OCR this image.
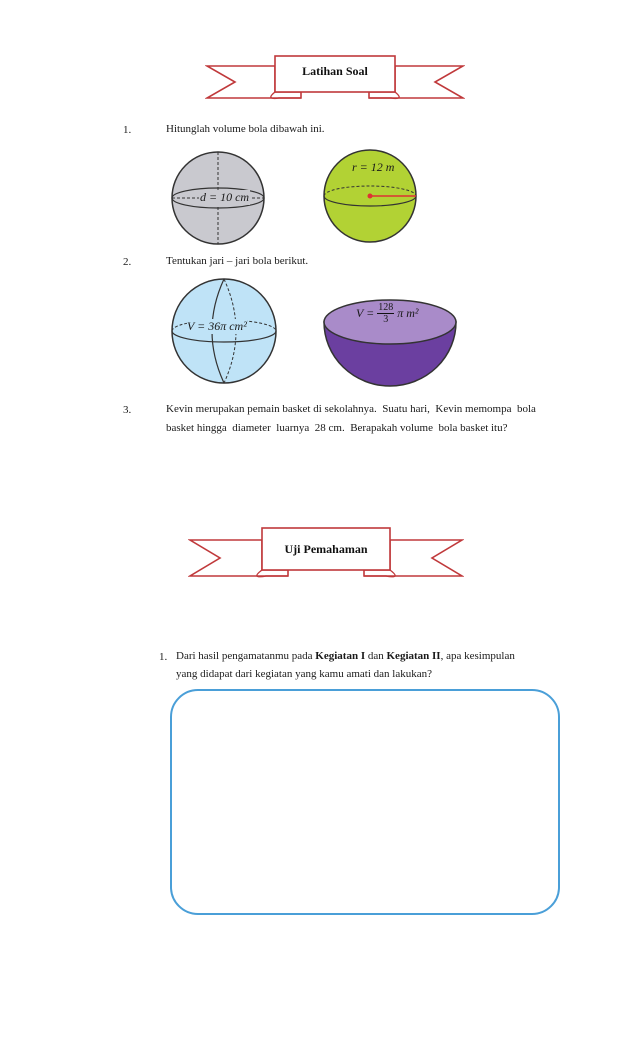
Latihan Soal
1.	Hitunglah volume bola dibawah ini.
d = 10 cm
r = 12 m
2.	Tentukan jari – jari bola berikut.
V = 36π cm²
$V = \frac{128}{3}$ π m²
3.	Kevin merupakan pemain basket di sekolahnya.  Suatu hari,  Kevin memompa  bola
basket hingga  diameter  luarnya  28 cm.  Berapakah volume  bola basket itu?
Uji Pemahaman
1. Dari hasil pengamatanmu pada Kegiatan I dan Kegiatan II, apa kesimpulan
yang didapat dari kegiatan yang kamu amati dan lakukan?
